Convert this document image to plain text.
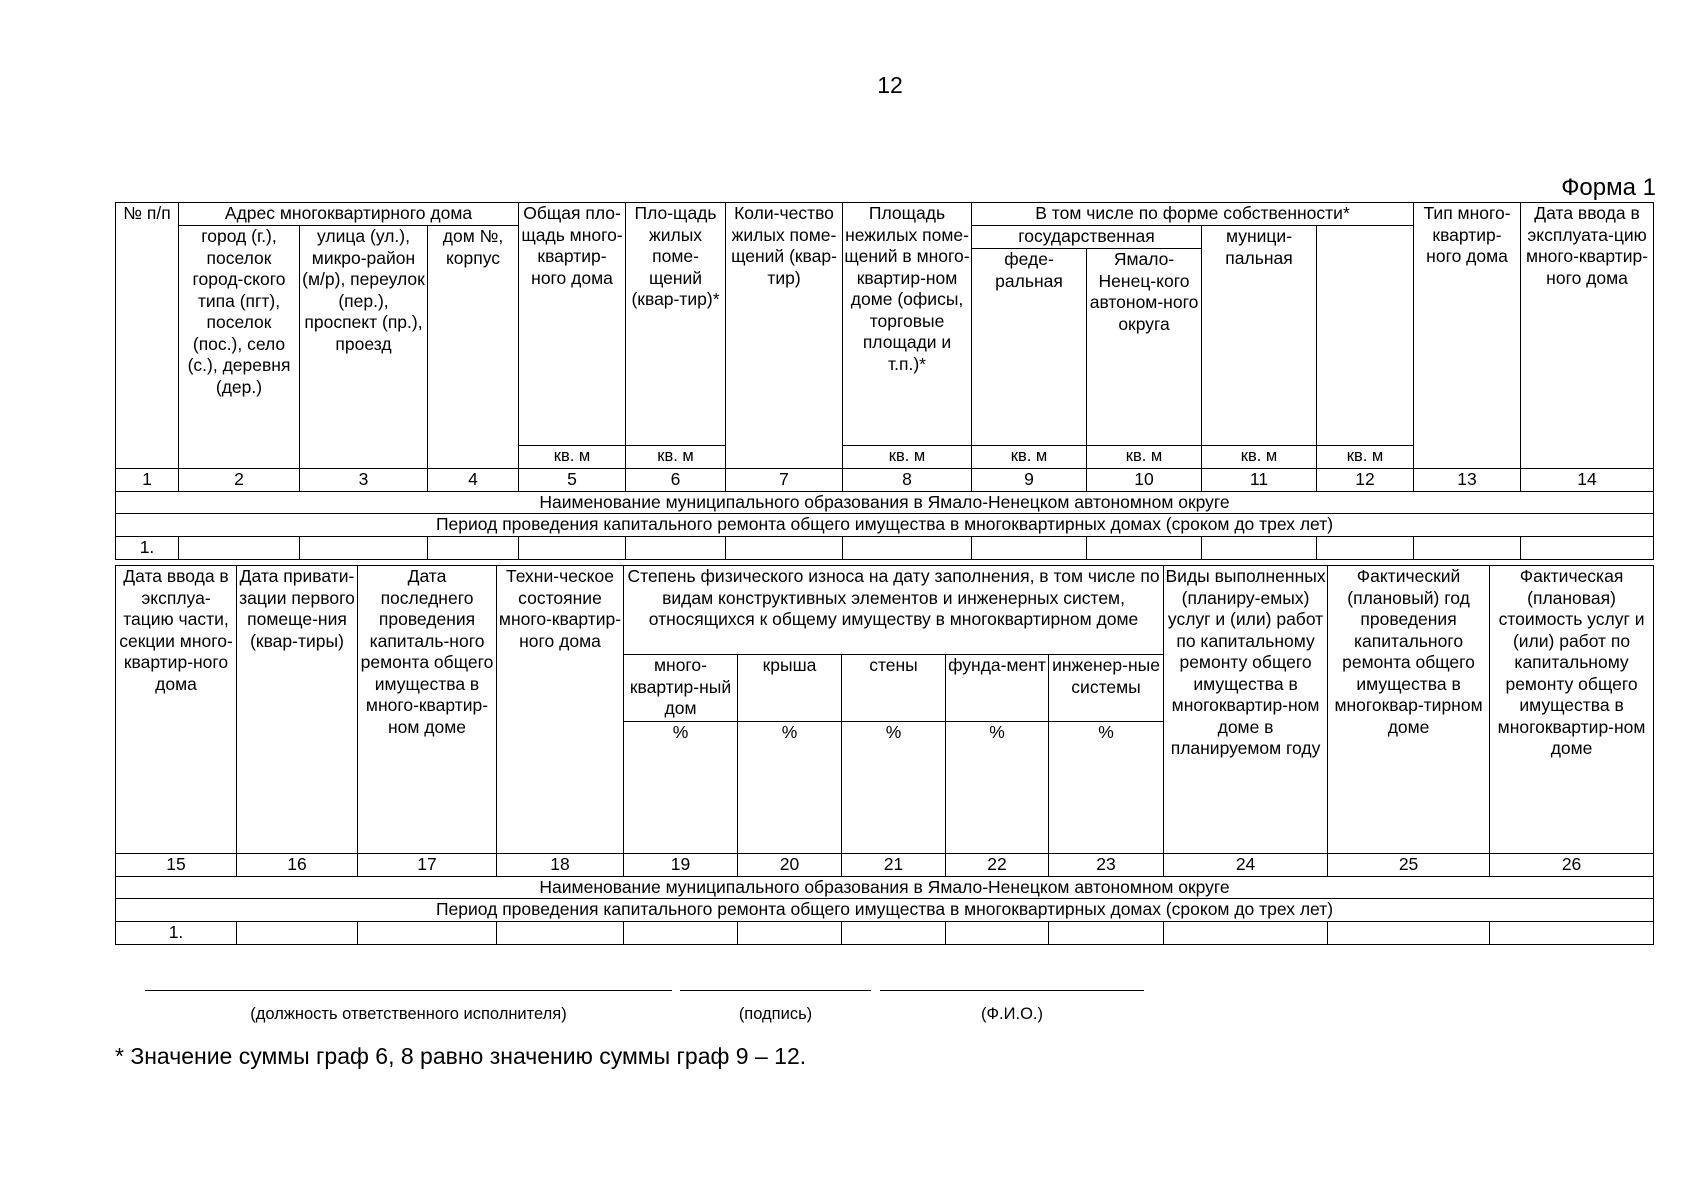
12
Форма 1
№ п/п	Адрес многоквартирного дома			Общая пло-щадь много-квартир-ного дома	Пло-щадь жилых поме-щений (квар-тир)*	Коли-чество жилых поме-щений (квар-тир)	Площадь нежилых поме-щений в много-квартир-ном доме (офисы, торговые площади и т.п.)*	В том числе по форме собственности*				Тип много-квартир-ного дома	Дата ввода в эксплуата-цию много-квартир-ного дома
	город (г.), поселок город-ского типа (пгт), поселок (пос.), село (с.), деревня (дер.)	улица (ул.), микро-район (м/р), переулок (пер.), проспект (пр.), проезд	дом №, корпус					государственная		муници-пальная			
								феде-ральная	Ямало-Ненец-кого автоном-ного округа				
				кв. м	кв. м		кв. м	кв. м	кв. м	кв. м	кв. м		
1	2	3	4	5	6	7	8	9	10	11	12	13	14
Наименование муниципального образования в Ямало-Ненецком автономном округе													
Период проведения капитального ремонта общего имущества в многоквартирных домах (сроком до трех лет)													
1.													
Дата ввода в эксплуа-тацию части, секции много-квартир-ного дома	Дата привати-зации первого помеще-ния (квар-тиры)	Дата последнего проведения капиталь-ного ремонта общего имущества в много-квартир-ном доме	Техни-ческое состояние много-квартир-ного дома	Степень физического износа на дату заполнения, в том числе по видам конструктивных элементов и инженерных систем, относящихся к общему имуществу в многоквартирном доме					Виды выполненных (планиру-емых) услуг и (или) работ по капитальному ремонту общего имущества в многоквартир-ном доме в планируемом году	Фактический (плановый) год проведения капитального ремонта общего имущества в многоквар-тирном доме	Фактическая (плановая) стоимость услуг и (или) работ по капитальному ремонту общего имущества в многоквартир-ном доме
				много-квартир-ный дом	крыша	стены	фунда-мент	инженер-ные системы			
				%	%	%	%	%			
15	16	17	18	19	20	21	22	23	24	25	26
Наименование муниципального образования в Ямало-Ненецком автономном округе											
Период проведения капитального ремонта общего имущества в многоквартирных домах (сроком до трех лет)											
1.											
(должность ответственного исполнителя)	(подпись)	(Ф.И.О.)
* Значение суммы граф 6, 8 равно значению суммы граф 9 – 12.
